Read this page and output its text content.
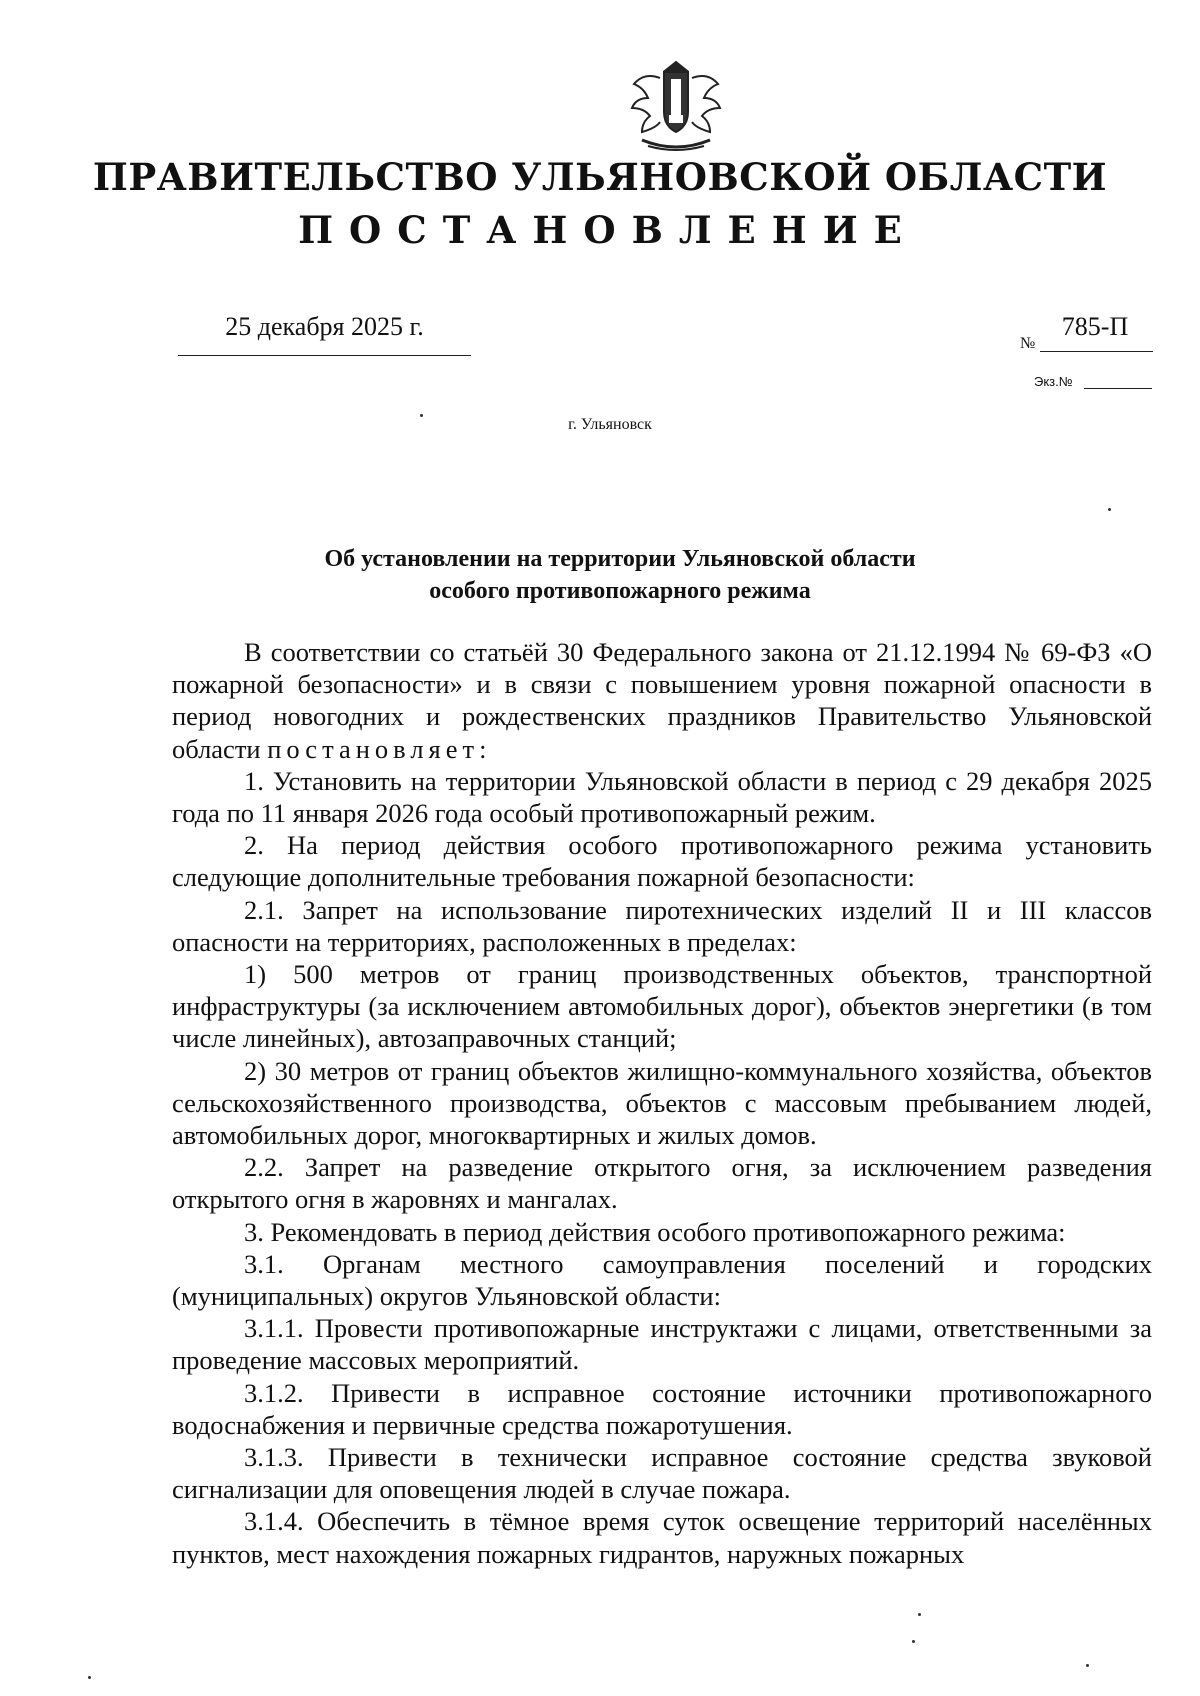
ПРАВИТЕЛЬСТВО УЛЬЯНОВСКОЙ ОБЛАСТИ
ПОСТАНОВЛЕНИЕ
25 декабря 2025 г.
№
785-П
Экз.№
г. Ульяновск
Об установлении на территории Ульяновской области
особого противопожарного режима

В соответствии со статьёй 30 Федерального закона от 21.12.1994 № 69-ФЗ «О пожарной безопасности» и в связи с повышением уровня пожарной опасности в период новогодних и рождественских праздников Правительство Ульяновской области постановляет:

1. Установить на территории Ульяновской области в период с 29 декабря 2025 года по 11 января 2026 года особый противопожарный режим.

2. На период действия особого противопожарного режима установить следующие дополнительные требования пожарной безопасности:

2.1. Запрет на использование пиротехнических изделий II и III классов опасности на территориях, расположенных в пределах:

1) 500 метров от границ производственных объектов, транспортной инфраструктуры (за исключением автомобильных дорог), объектов энергетики (в том числе линейных), автозаправочных станций;

2) 30 метров от границ объектов жилищно-коммунального хозяйства, объектов сельскохозяйственного производства, объектов с массовым пребыванием людей, автомобильных дорог, многоквартирных и жилых домов.

2.2. Запрет на разведение открытого огня, за исключением разведения открытого огня в жаровнях и мангалах.

3. Рекомендовать в период действия особого противопожарного режима:

3.1. Органам местного самоуправления поселений и городских (муниципальных) округов Ульяновской области:

3.1.1. Провести противопожарные инструктажи с лицами, ответственными за проведение массовых мероприятий.

3.1.2. Привести в исправное состояние источники противопожарного водоснабжения и первичные средства пожаротушения.

3.1.3. Привести в технически исправное состояние средства звуковой сигнализации для оповещения людей в случае пожара.

3.1.4. Обеспечить в тёмное время суток освещение территорий населённых пунктов, мест нахождения пожарных гидрантов, наружных пожарных
